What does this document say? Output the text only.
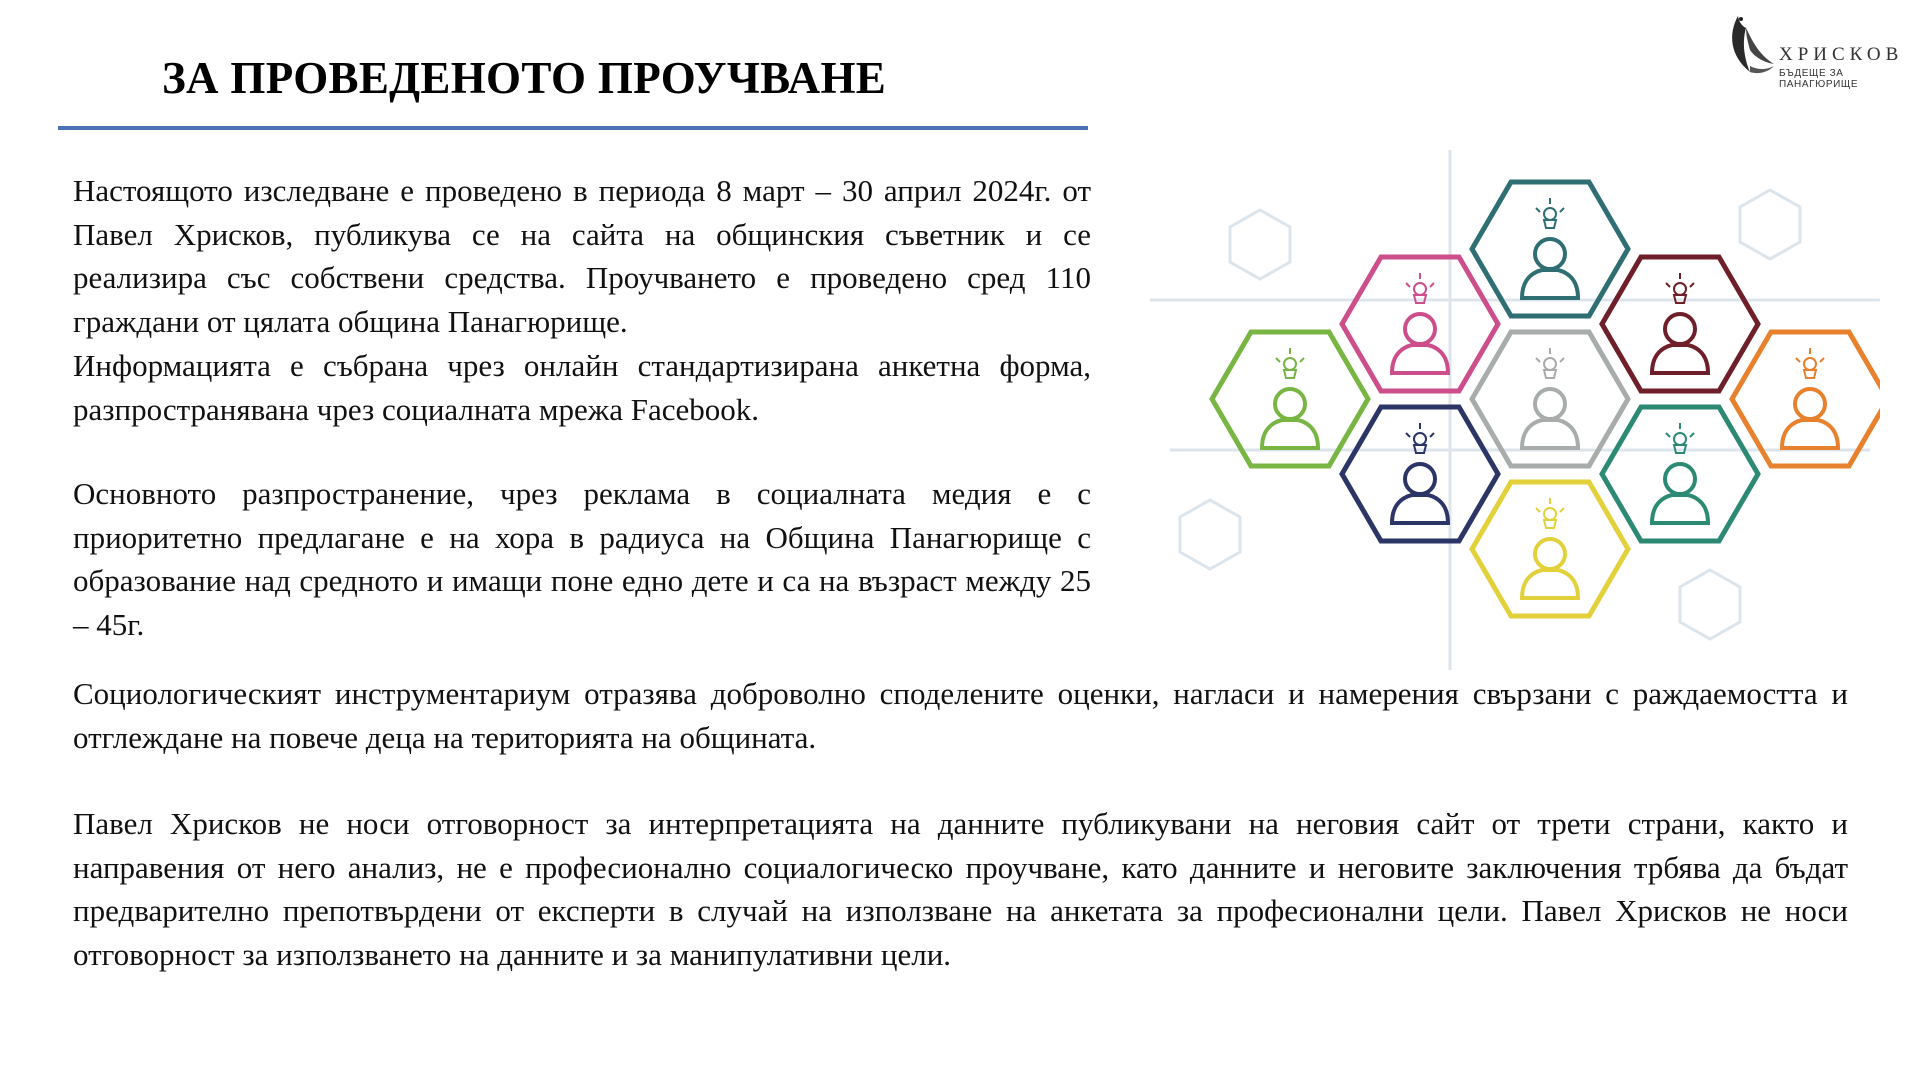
ЗА ПРОВЕДЕНОТО ПРОУЧВАНЕ	ХРИСКОВ
БЪДЕЩЕ ЗА ПАНАГЮРИЩЕ

Настоящото изследване е проведено в периода 8 март – 30 април 2024г. от Павел Хрисков, публикува се на сайта на общинския съветник и се реализира със собствени средства. Проучването е проведено сред 110 граждани от цялата община Панагюрище.

Информацията е събрана чрез онлайн стандартизирана анкетна форма, разпространявана чрез социалната мрежа Facebook.

Основното разпространение, чрез реклама в социалната медия е с приоритетно предлагане е на хора в радиуса на Община Панагюрище с образование над средното и имащи поне едно дете и са на възраст между 25 – 45г.

Социологическият инструментариум отразява доброволно споделените оценки, нагласи и намерения свързани с раждаемостта и отглеждане на повече деца на територията на общината.

Павел Хрисков не носи отговорност за интерпретацията на данните публикувани на неговия сайт от трети страни, както и направения от него анализ, не е професионално социалогическо проучване, като данните и неговите заключения трбява да бъдат предварително препотвърдени от експерти в случай на използване на анкетата за професионални цели. Павел Хрисков не носи отговорност за използването на данните и за манипулативни цели.
